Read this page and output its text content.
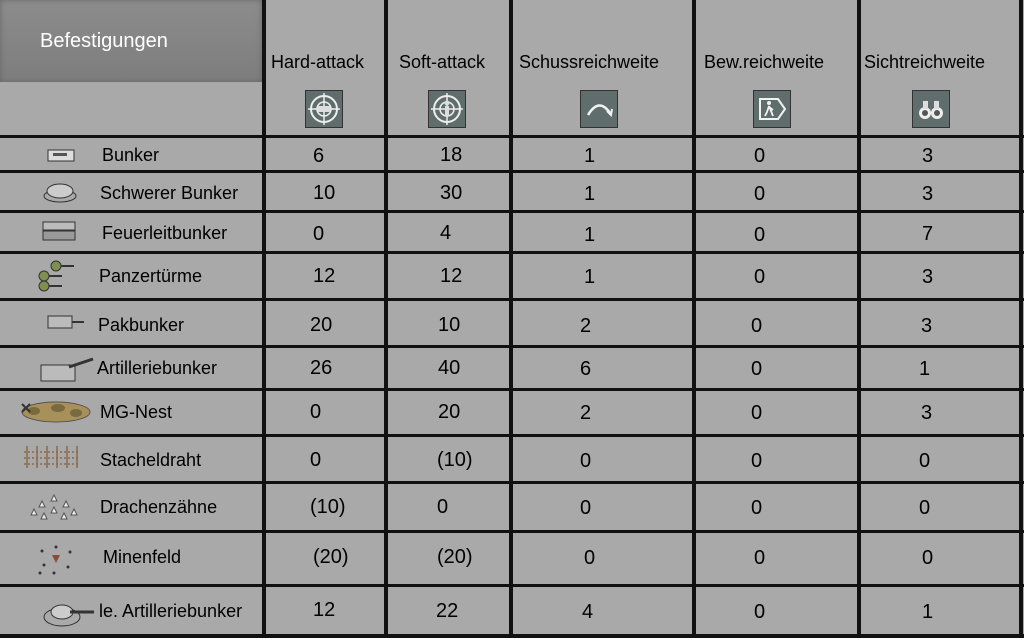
Befestigungen
Hard-attack Soft-attack Schussreichweite Bew.reichweite Sichtreichweite
Bunker	6	18	1	0	3
Schwerer Bunker	10	30	1	0	3
Feuerleitbunker	0	4	1	0	7
Panzertürme	12	12	1	0	3
Pakbunker	20	10	2	0	3
Artilleriebunker	26	40	6	0	1
MG-Nest	0	20	2	0	3
Stacheldraht	0	(10)	0	0	0
Drachenzähne	(10)	0	0	0	0
Minenfeld	(20)	(20)	0	0	0
le. Artilleriebunker	12	22	4	0	1
